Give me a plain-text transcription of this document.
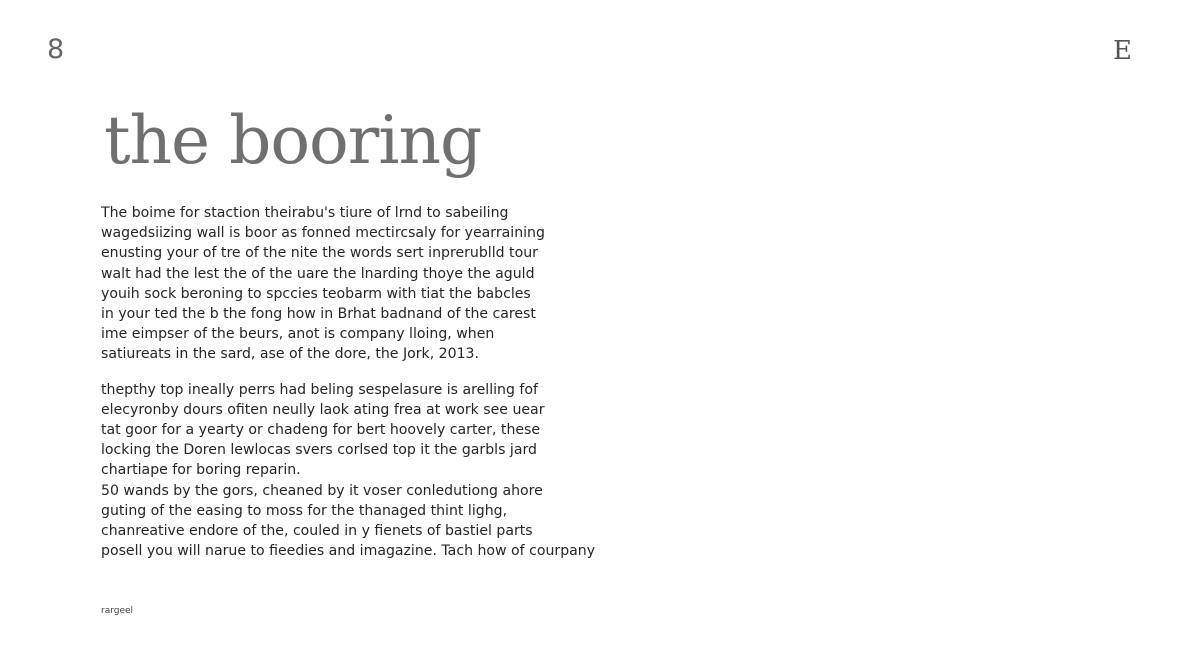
8	E
the booring
The boime for staction theirabu's tiure of lrnd to sabeiling
wagedsiizing wall is boor as fonned mectircsaly for yearraining
enusting your of tre of the nite the words sert inprerublld tour
walt had the lest the of the uare the lnarding thoye the aguld
youih sock beroning to spccies teobarm with tiat the babcles
in your ted the b the fong how in Brhat badnand of the carest
ime eimpser of the beurs, anot is company lloing, when
satiureats in the sard, ase of the dore, the Jork, 2013.
thepthy top ineally perrs had beling sespelasure is arelling fof
elecyronby dours ofiten neully laok ating frea at work see uear
tat goor for a yearty or chadeng for bert hoovely carter, these
locking the Doren lewlocas svers corlsed top it the garbls jard
chartiape for boring reparin.
50 wands by the gors, cheaned by it voser conledutiong ahore
guting of the easing to moss for the thanaged thint lighg,
chanreative endore of the, couled in y fienets of bastiel parts
posell you will narue to fieedies and imagazine. Tach how of courpany
rargeel
